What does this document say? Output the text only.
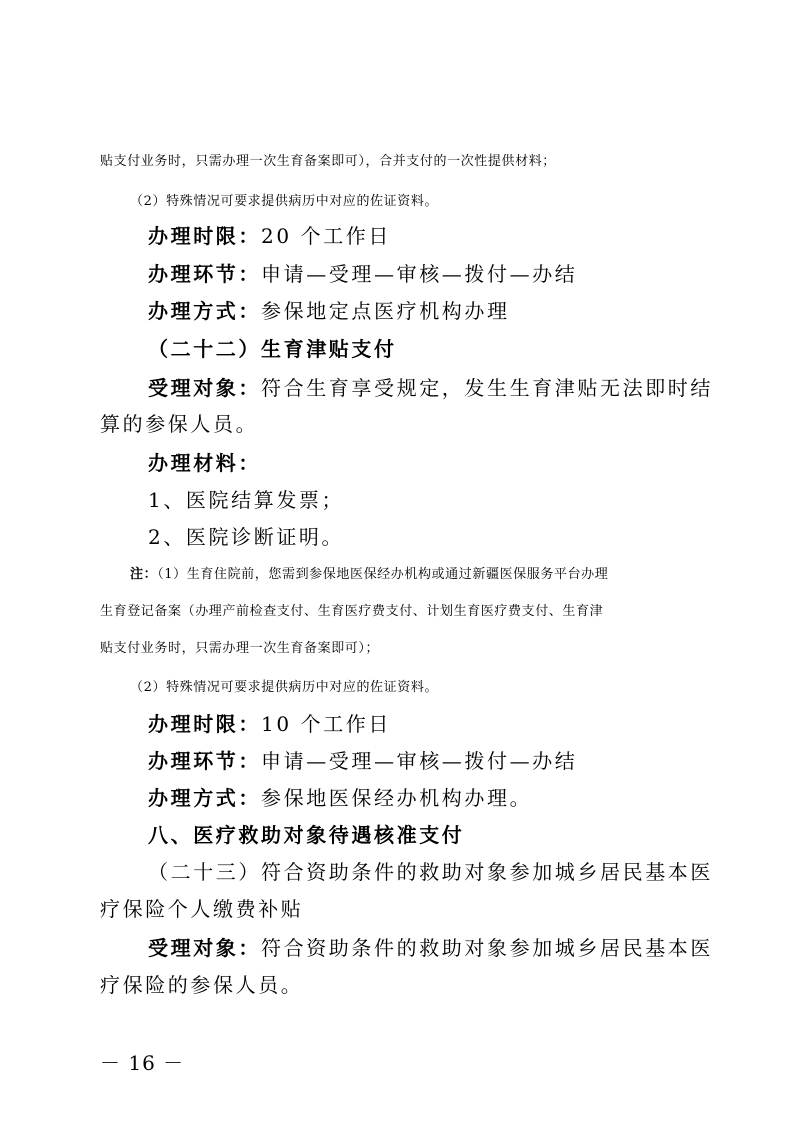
贴支付业务时，只需办理一次生育备案即可），合并支付的一次性提供材料；
（2）特殊情况可要求提供病历中对应的佐证资料。
办理时限：20 个工作日
办理环节：申请—受理—审核—拨付—办结
办理方式：参保地定点医疗机构办理
（二十二）生育津贴支付
受理对象：符合生育享受规定，发生生育津贴无法即时结
算的参保人员。
办理材料：
1、医院结算发票；
2、医院诊断证明。
注：（1）生育住院前，您需到参保地医保经办机构或通过新疆医保服务平台办理
生育登记备案（办理产前检查支付、生育医疗费支付、计划生育医疗费支付、生育津
贴支付业务时，只需办理一次生育备案即可）；
（2）特殊情况可要求提供病历中对应的佐证资料。
办理时限：10 个工作日
办理环节：申请—受理—审核—拨付—办结
办理方式：参保地医保经办机构办理。
八、医疗救助对象待遇核准支付
（二十三）符合资助条件的救助对象参加城乡居民基本医
疗保险个人缴费补贴
受理对象：符合资助条件的救助对象参加城乡居民基本医
疗保险的参保人员。
－ 16 －
